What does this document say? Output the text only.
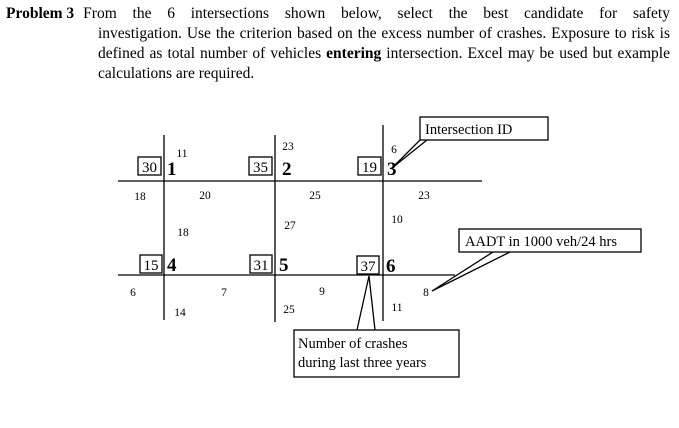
Problem 3 From the 6 intersections shown below, select the best candidate for safety
investigation. Use the criterion based on the excess number of crashes. Exposure to risk is defined as total number of vehicles entering intersection. Excel may be used but example calculations are required.
30	35	19
15	31	37
1	2	3
4	5	6
11
23	6
18	20	25	23
18
27	10
6	7	9	8
14	25	11
Intersection ID
AADT in 1000 veh/24 hrs
Number of crashes
during last three years
